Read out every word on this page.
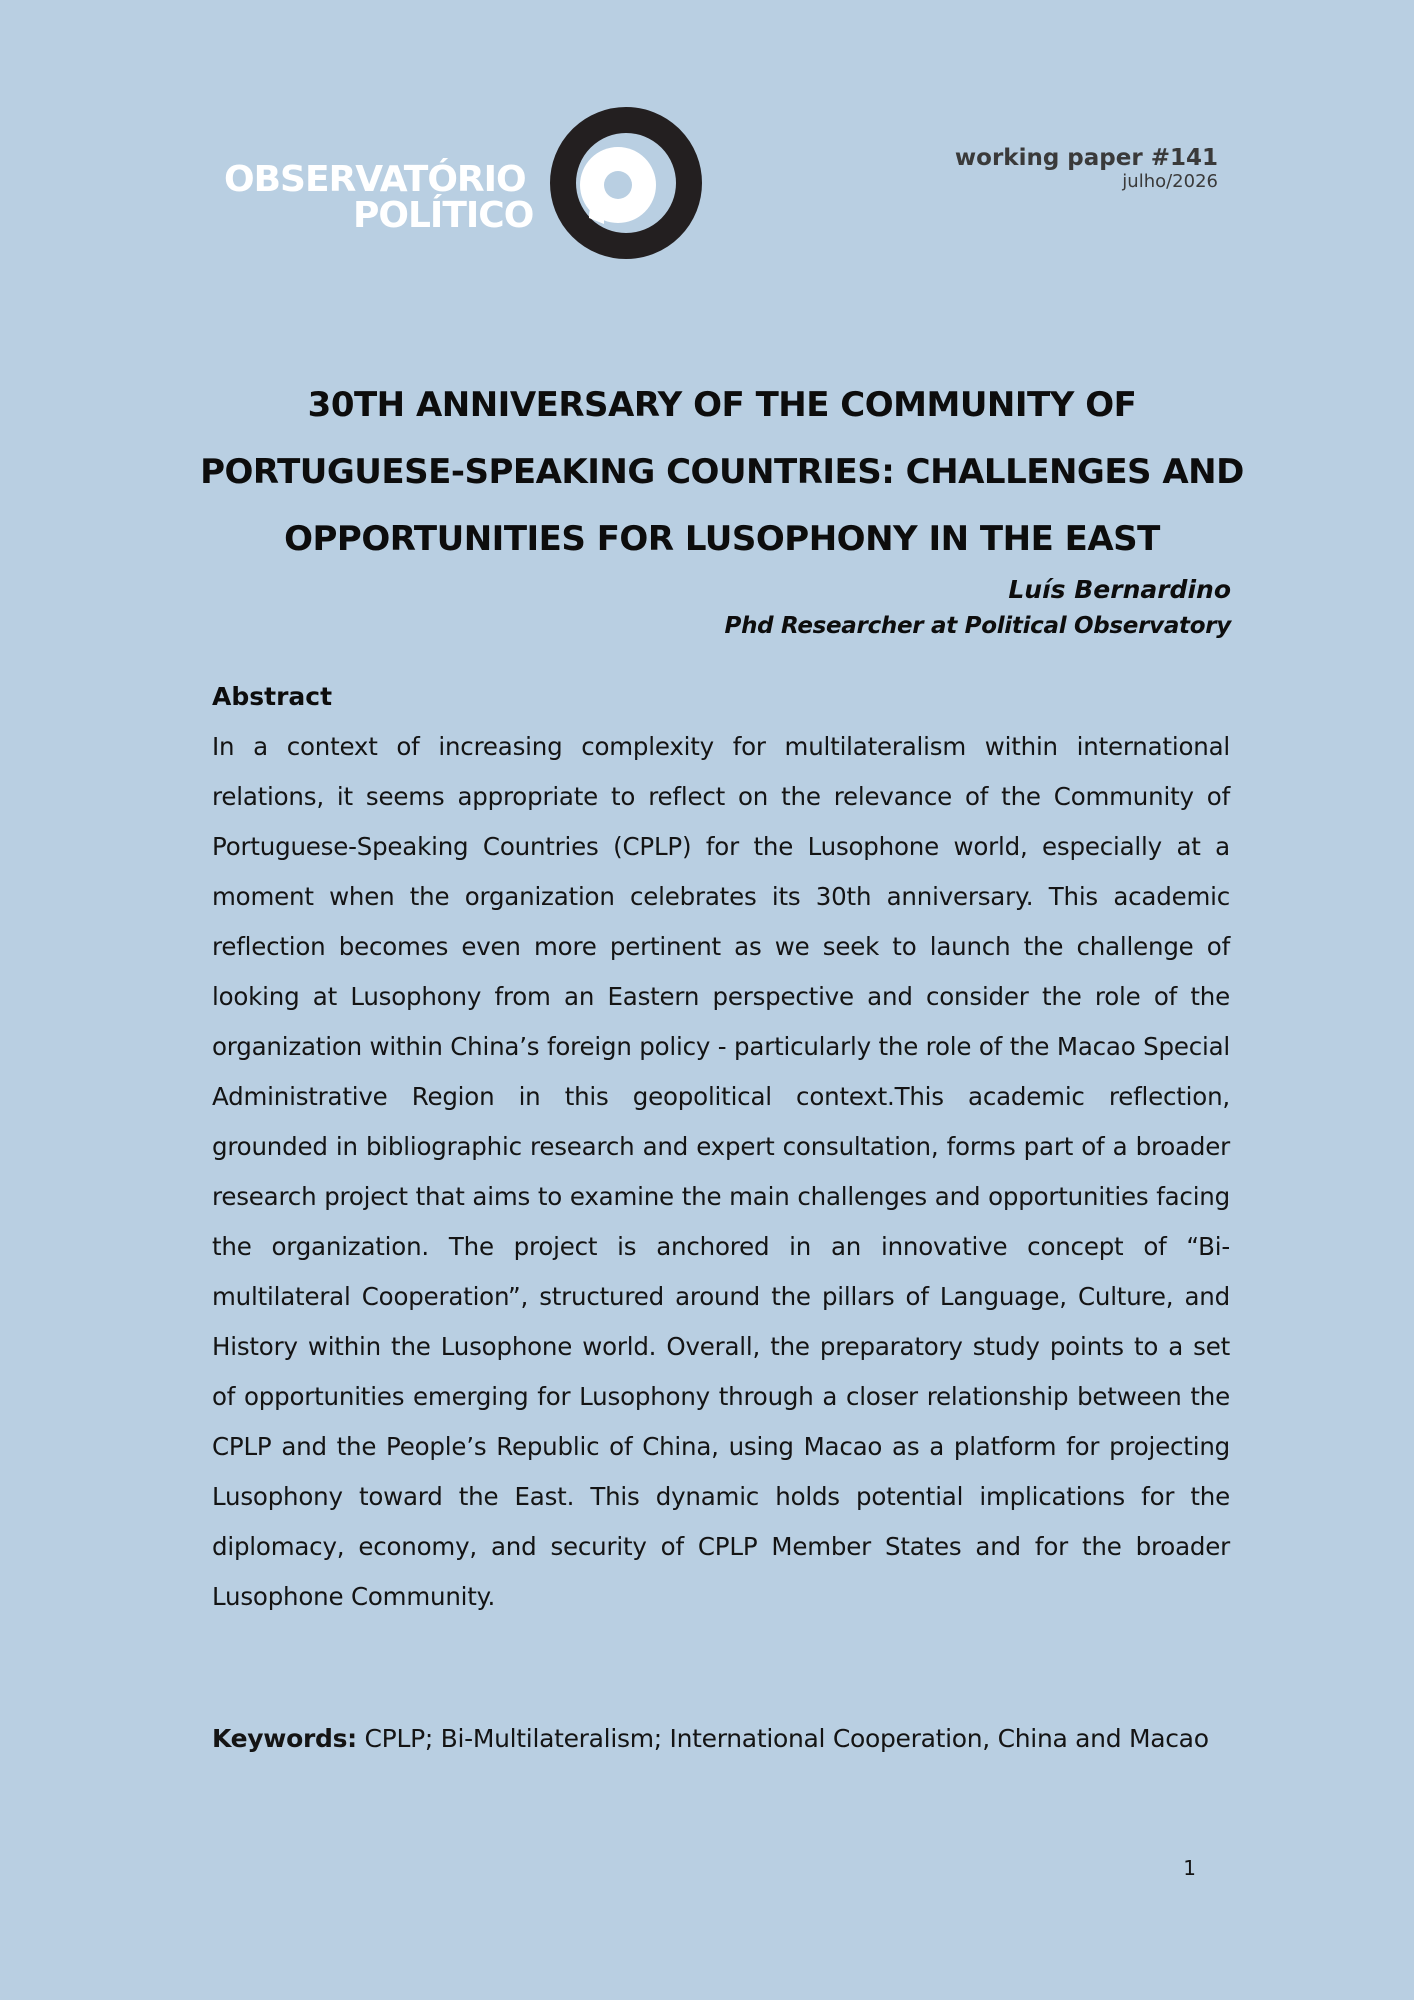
OBSERVATÓRIO
POLÍTICO
working paper #141
julho/2026
30TH ANNIVERSARY OF THE COMMUNITY OF
PORTUGUESE-SPEAKING COUNTRIES: CHALLENGES AND
OPPORTUNITIES FOR LUSOPHONY IN THE EAST
Luís Bernardino
Phd Researcher at Political Observatory
Abstract

In a context of increasing complexity for multilateralism within international relations, it seems appropriate to reflect on the relevance of the Community of Portuguese-Speaking Countries (CPLP) for the Lusophone world, especially at a moment when the organization celebrates its 30th anniversary. This academic reflection becomes even more pertinent as we seek to launch the challenge of looking at Lusophony from an Eastern perspective and consider the role of the organization within China’s foreign policy - particularly the role of the Macao Special Administrative Region in this geopolitical context.This academic reflection, grounded in bibliographic research and expert consultation, forms part of a broader research project that aims to examine the main challenges and opportunities facing the organization. The project is anchored in an innovative concept of “Bi-multilateral Cooperation”, structured around the pillars of Language, Culture, and History within the Lusophone world. Overall, the preparatory study points to a set of opportunities emerging for Lusophony through a closer relationship between the CPLP and the People’s Republic of China, using Macao as a platform for projecting Lusophony toward the East. This dynamic holds potential implications for the diplomacy, economy, and security of CPLP Member States and for the broader Lusophone Community.

Keywords: CPLP; Bi-Multilateralism; International Cooperation, China and Macao
1
